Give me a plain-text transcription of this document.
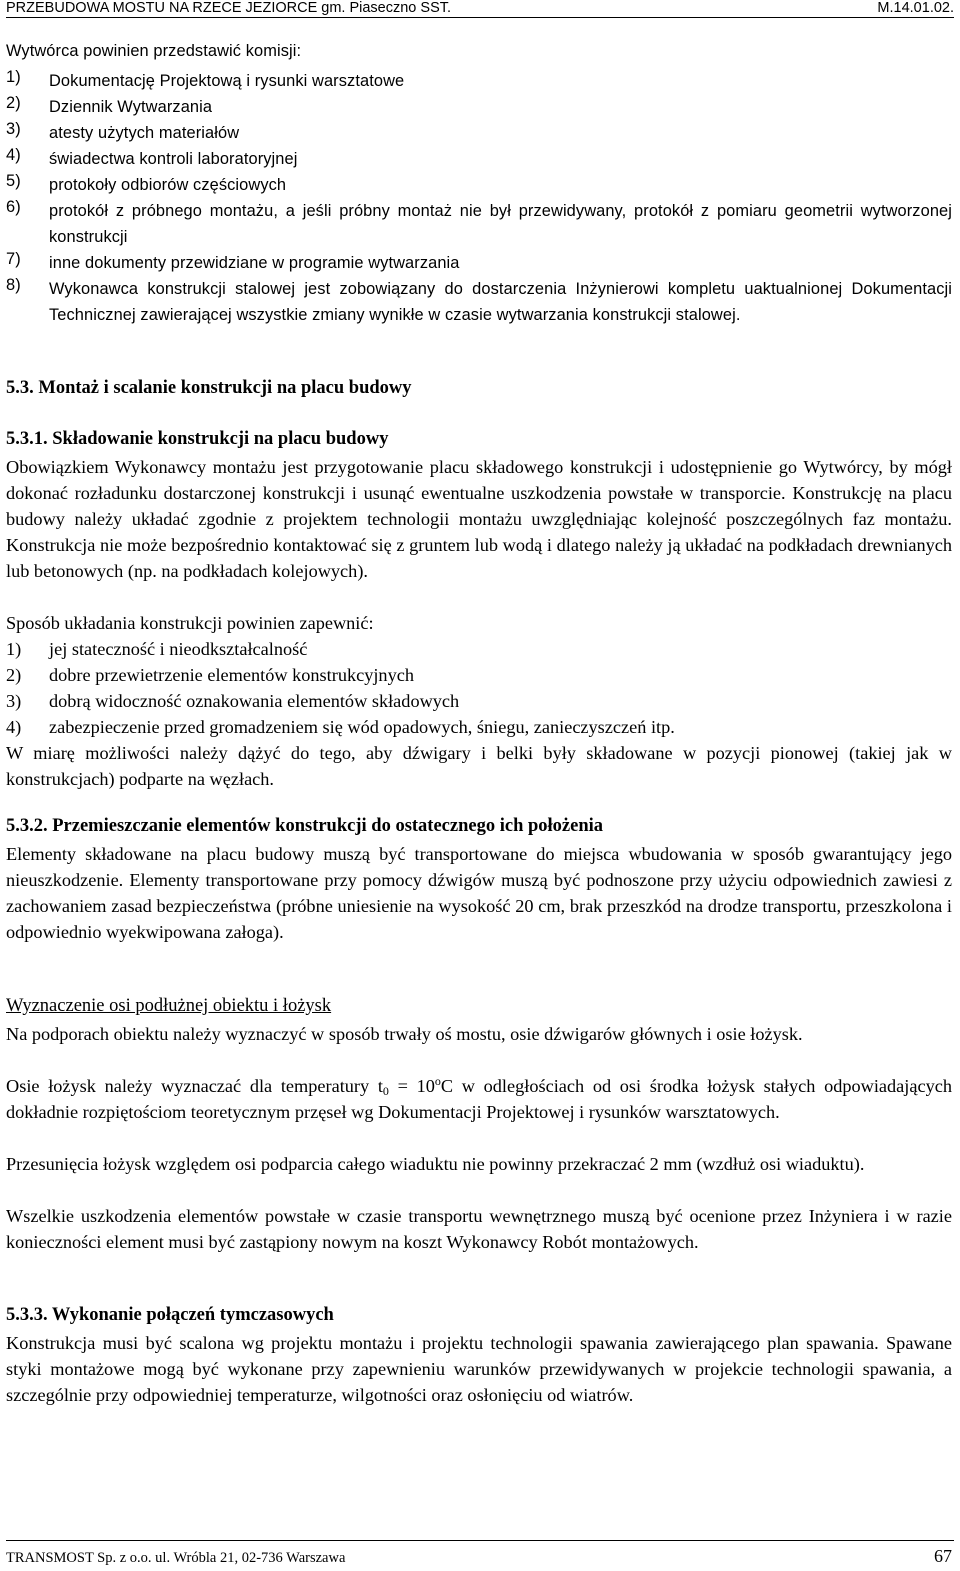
PRZEBUDOWA MOSTU NA RZECE JEZIORCE gm. Piaseczno SST.	M.14.01.02.
Wytwórca powinien przedstawić komisji:
1) Dokumentację Projektową i rysunki warsztatowe
2) Dziennik Wytwarzania
3) atesty użytych materiałów
4) świadectwa kontroli laboratoryjnej
5) protokoły odbiorów częściowych
6) protokół z próbnego montażu, a jeśli próbny montaż nie był przewidywany, protokół z pomiaru geometrii wytworzonej konstrukcji
7) inne dokumenty przewidziane w programie wytwarzania
8) Wykonawca konstrukcji stalowej jest zobowiązany do dostarczenia Inżynierowi kompletu uaktualnionej Dokumentacji Technicznej zawierającej wszystkie zmiany wynikłe w czasie wytwarzania konstrukcji stalowej.
5.3. Montaż i scalanie konstrukcji na placu budowy
5.3.1. Składowanie konstrukcji na placu budowy
Obowiązkiem Wykonawcy montażu jest przygotowanie placu składowego konstrukcji i udostępnienie go Wytwórcy, by mógł dokonać rozładunku dostarczonej konstrukcji i usunąć ewentualne uszkodzenia powstałe w transporcie. Konstrukcję na placu budowy należy układać zgodnie z projektem technologii montażu uwzględniając kolejność poszczególnych faz montażu. Konstrukcja nie może bezpośrednio kontaktować się z gruntem lub wodą i dlatego należy ją układać na podkładach drewnianych lub betonowych (np. na podkładach kolejowych).
Sposób układania konstrukcji powinien zapewnić:
1) jej stateczność i nieodkształcalność
2) dobre przewietrzenie elementów konstrukcyjnych
3) dobrą widoczność oznakowania elementów składowych
4) zabezpieczenie przed gromadzeniem się wód opadowych, śniegu, zanieczyszczeń itp.
W miarę możliwości należy dążyć do tego, aby dźwigary i belki były składowane w pozycji pionowej (takiej jak w konstrukcjach) podparte na węzłach.
5.3.2. Przemieszczanie elementów konstrukcji do ostatecznego ich położenia
Elementy składowane na placu budowy muszą być transportowane do miejsca wbudowania w sposób gwarantujący jego nieuszkodzenie. Elementy transportowane przy pomocy dźwigów muszą być podnoszone przy użyciu odpowiednich zawiesi z zachowaniem zasad bezpieczeństwa (próbne uniesienie na wysokość 20 cm, brak przeszkód na drodze transportu, przeszkolona i odpowiednio wyekwipowana załoga).
Wyznaczenie osi podłużnej obiektu i łożysk
Na podporach obiektu należy wyznaczyć w sposób trwały oś mostu, osie dźwigarów głównych i osie łożysk.
Osie łożysk należy wyznaczać dla temperatury $t_0 = 10^oC$ w odległościach od osi środka łożysk stałych odpowiadających dokładnie rozpiętościom teoretycznym przęseł wg Dokumentacji Projektowej i rysunków warsztatowych.
Przesunięcia łożysk względem osi podparcia całego wiaduktu nie powinny przekraczać 2 mm (wzdłuż osi wiaduktu).
Wszelkie uszkodzenia elementów powstałe w czasie transportu wewnętrznego muszą być ocenione przez Inżyniera i w razie konieczności element musi być zastąpiony nowym na koszt Wykonawcy Robót montażowych.
5.3.3. Wykonanie połączeń tymczasowych
Konstrukcja musi być scalona wg projektu montażu i projektu technologii spawania zawierającego plan spawania. Spawane styki montażowe mogą być wykonane przy zapewnieniu warunków przewidywanych w projekcie technologii spawania, a szczególnie przy odpowiedniej temperaturze, wilgotności oraz osłonięciu od wiatrów.
TRANSMOST Sp. z o.o. ul. Wróbla 21, 02-736 Warszawa	67
